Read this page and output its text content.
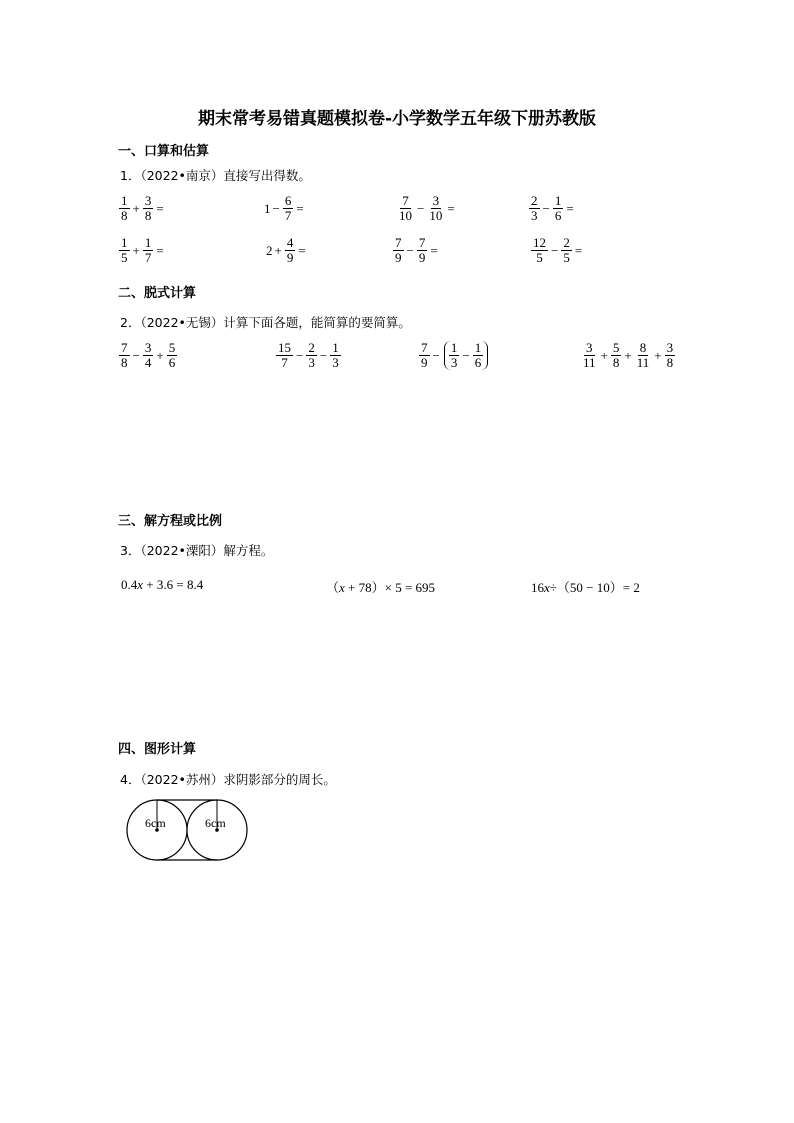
期末常考易错真题模拟卷-小学数学五年级下册苏教版
一、口算和估算
1．（2022•南京）直接写出得数。
$\frac{1}{8} + \frac{3}{8}$ =	$1 - \frac{6}{7}$ =	$\frac{7}{10} - \frac{3}{10}$ =	$\frac{2}{3} - \frac{1}{6}$ =
$\frac{1}{5} + \frac{1}{7}$ =	$2 + \frac{4}{9}$ =	$\frac{7}{9} - \frac{7}{9}$ =	$\frac{12}{5} - \frac{2}{5}$ =
二、脱式计算
2．（2022•无锡）计算下面各题，能简算的要简算。
$\frac{7}{8} - \frac{3}{4} + \frac{5}{6}$	$\frac{15}{7} - \frac{2}{3} - \frac{1}{3}$	$\frac{7}{9} - \frac{1}{3} - \frac{1}{6}$	$\frac{3}{11} + \frac{5}{8} + \frac{8}{11} + \frac{3}{8}$
三、解方程或比例
3．（2022•溧阳）解方程。
0.4x + 3.6 = 8.4	（x + 78）× 5 = 695	16x÷（50 − 10）= 2
四、图形计算
4．（2022•苏州）求阴影部分的周长。
6cm	6cm
